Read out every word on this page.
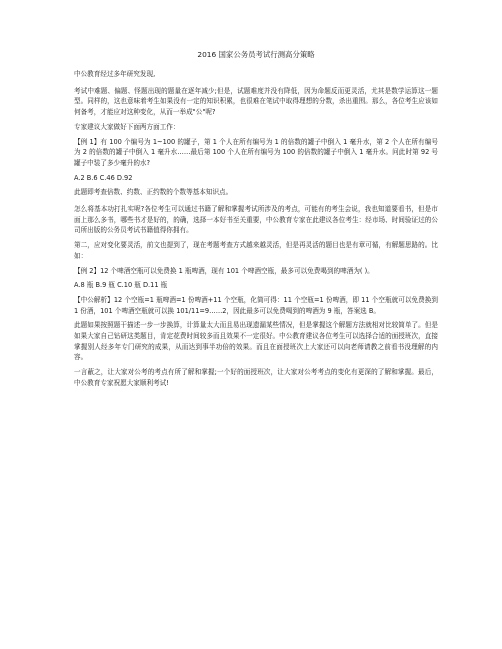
2016 国家公务员考试行测高分策略
中公教育经过多年研究发现,
考试中难题、偏题、怪题出现的题量在逐年减少;但是，试题难度并没有降低，因为命题反而更灵活，尤其是数学运算这一题型。同样的，这也意味着考生如果没有一定的知识积累，也很难在笔试中取得理想的分数，杀出重围。那么，各位考生应该如何备考，才能应对这种变化，从而一举成"公"呢?
专家建议大家做好下面两方面工作：
【例 1】有 100 个编号为 1~100 的罐子，第 1 个人在所有编号为 1 的倍数的罐子中倒入 1 毫升水，第 2 个人在所有编号为 2 的倍数的罐子中倒入 1 毫升水……最后第 100 个人在所有编号为 100 的倍数的罐子中倒入 1 毫升水。问此时第 92 号罐子中装了多少毫升的水?
A.2 B.6 C.46 D.92
此题即考查倍数、约数、正约数的个数等基本知识点。
怎么将基本功打扎实呢?各位考生可以通过书籍了解和掌握考试所涉及的考点，可能有的考生会说，我也知道要看书，但是市面上那么多书，哪些书才是好的，的确，选择一本好书至关重要，中公教育专家在此建议各位考生：经市场、时间验证过的公司所出版的公务员考试书籍值得你拥有。
第二，应对变化要灵活，前文也提到了，现在考题考查方式越来越灵活，但是再灵活的题目也是有章可循，有解题思路的。比如：
【例 2】12 个啤酒空瓶可以免费换 1 瓶啤酒，现有 101 个啤酒空瓶，最多可以免费喝到的啤酒为( )。
A.8 瓶 B.9 瓶 C.10 瓶 D.11 瓶
【中公解析】12 个空瓶=1 瓶啤酒=1 份啤酒+11 个空瓶，化简可得：11 个空瓶=1 份啤酒，即 11 个空瓶就可以免费换到 1 份酒，101 个啤酒空瓶就可以换 101/11=9……2，因此最多可以免费喝到的啤酒为 9 瓶，答案选 B。
此题如果按照题干描述一步一步换算，计算量太大而且易出现遗漏某些情况，但是掌握这个解题方法就相对比较简单了。但是如果大家自己钻研这类题目，肯定花费时间较多而且效果不一定很好。中公教育建议各位考生可以选择合适的面授班次，直接掌握别人经多年专门研究的成果，从而达到事半功倍的效果。而且在面授班次上大家还可以向老师请教之前看书没理解的内容。
一言蔽之，让大家对公考的考点有所了解和掌握;一个好的面授班次，让大家对公考考点的变化有更深的了解和掌握。最后，中公教育专家祝愿大家顺利考试!
